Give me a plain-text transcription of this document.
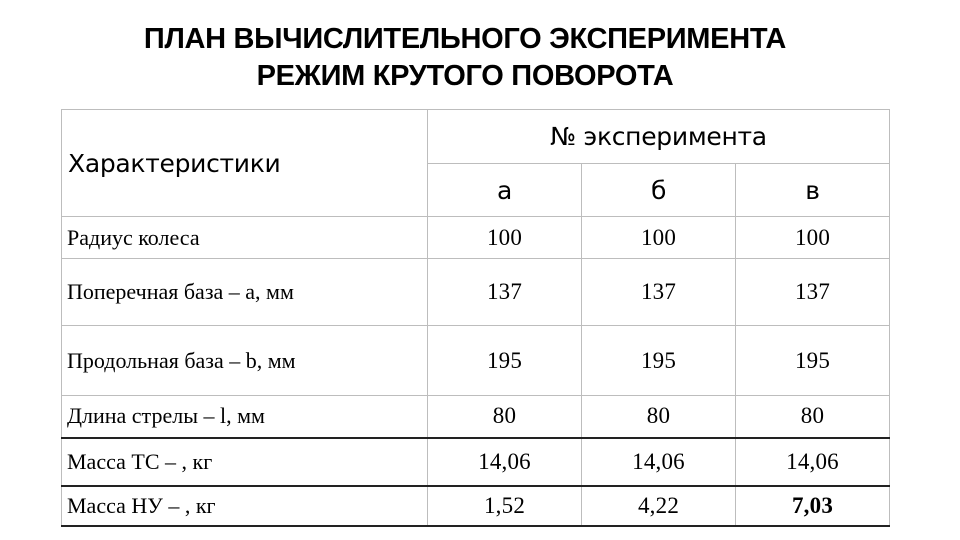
ПЛАН ВЫЧИСЛИТЕЛЬНОГО ЭКСПЕРИМЕНТА
РЕЖИМ КРУТОГО ПОВОРОТА
Характеристики	№ эксперимента		
	а	б	в
Радиус колеса	100	100	100
Поперечная база – а, мм	137	137	137
Продольная база – b, мм	195	195	195
Длина стрелы – l, мм	80	80	80
Масса ТС – , кг	14,06	14,06	14,06
Масса НУ – , кг	1,52	4,22	7,03
